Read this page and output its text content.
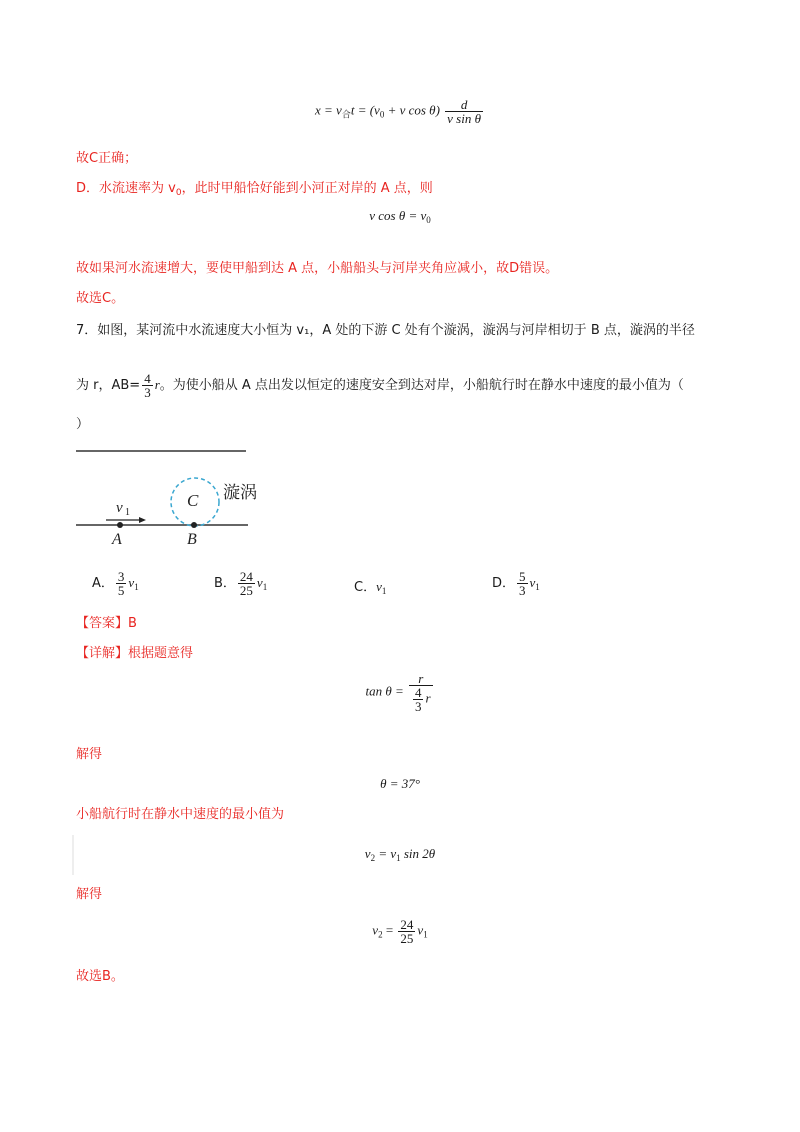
$x = v_合t = (v_0 + v$ $\cos \theta) \frac{d}{\text{v sin θ}}$
故C正确；
D．水流速率为 $v_0$，此时甲船恰好能到小河正对岸的 A 点，则
v $\cos \theta = v_0$
故如果河水流速增大，要使甲船到达 A 点，小船船头与河岸夹角应减小，故D错误。
故选C。
7．如图，某河流中水流速度大小恒为 v₁，A 处的下游 C 处有个漩涡，漩涡与河岸相切于 B 点，漩涡的半径
为 r，$AB= \frac{4}{3}$ r。为使小船从 A 点出发以恒定的速度安全到达对岸，小船航行时在静水中速度的最小值为（
）
v 1
C 漩涡
A	B
A． $\frac{3}{5} v_1$	B． $\frac{24}{25} v_1$	C．$v_1$	D． $\frac{5}{3} v_1$
【答案】B
【详解】根据题意得
$\tan \theta = \frac{r}{\frac{4}{3} r}$
解得
θ = 37°
小船航行时在静水中速度的最小值为
$v_2 = v_1$ sin 2θ
解得
$v_2 = \frac{24}{25} v_1$
故选B。
